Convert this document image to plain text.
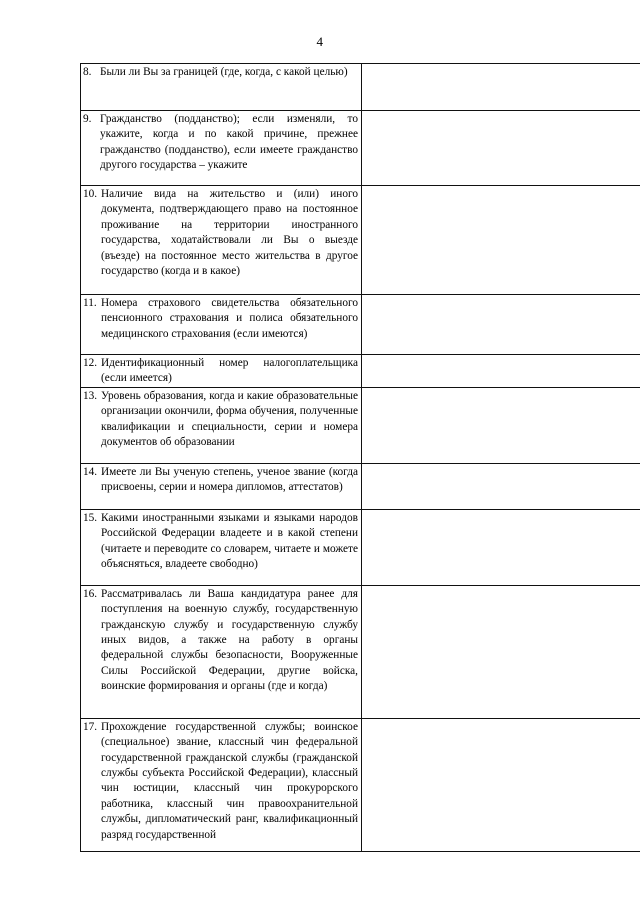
4
8. Были ли Вы за границей (где, когда, с какой целью)	

9. Гражданство (подданство); если изменяли, то укажите, когда и по какой причине, прежнее гражданство (подданство), если имеете гражданство другого государства – укажите	

10. Наличие вида на жительство и (или) иного документа, подтверждающего право на постоянное проживание на территории иностранного государства, ходатайствовали ли Вы о выезде (въезде) на постоянное место жительства в другое государство (когда и в какое)	

11. Номера страхового свидетельства обязательного пенсионного страхования и полиса обязательного медицинского страхования (если имеются)	

12. Идентификационный номер налогоплательщика (если имеется)	

13. Уровень образования, когда и какие образовательные организации окончили, форма обучения, полученные квалификации и специальности, серии и номера документов об образовании	

14. Имеете ли Вы ученую степень, ученое звание (когда присвоены, серии и номера дипломов, аттестатов)	

15. Какими иностранными языками и языками народов Российской Федерации владеете и в какой степени (читаете и переводите со словарем, читаете и можете объясняться, владеете свободно)	

16. Рассматривалась ли Ваша кандидатура ранее для поступления на военную службу, государственную гражданскую службу и государственную службу иных видов, а также на работу в органы федеральной службы безопасности, Вооруженные Силы Российской Федерации, другие войска, воинские формирования и органы (где и когда)	

17. Прохождение государственной службы; воинское (специальное) звание, классный чин федеральной государственной гражданской службы (гражданской службы субъекта Российской Федерации), классный чин юстиции, классный чин прокурорского работника, классный чин правоохранительной службы, дипломатический ранг, квалификационный разряд государственной	
